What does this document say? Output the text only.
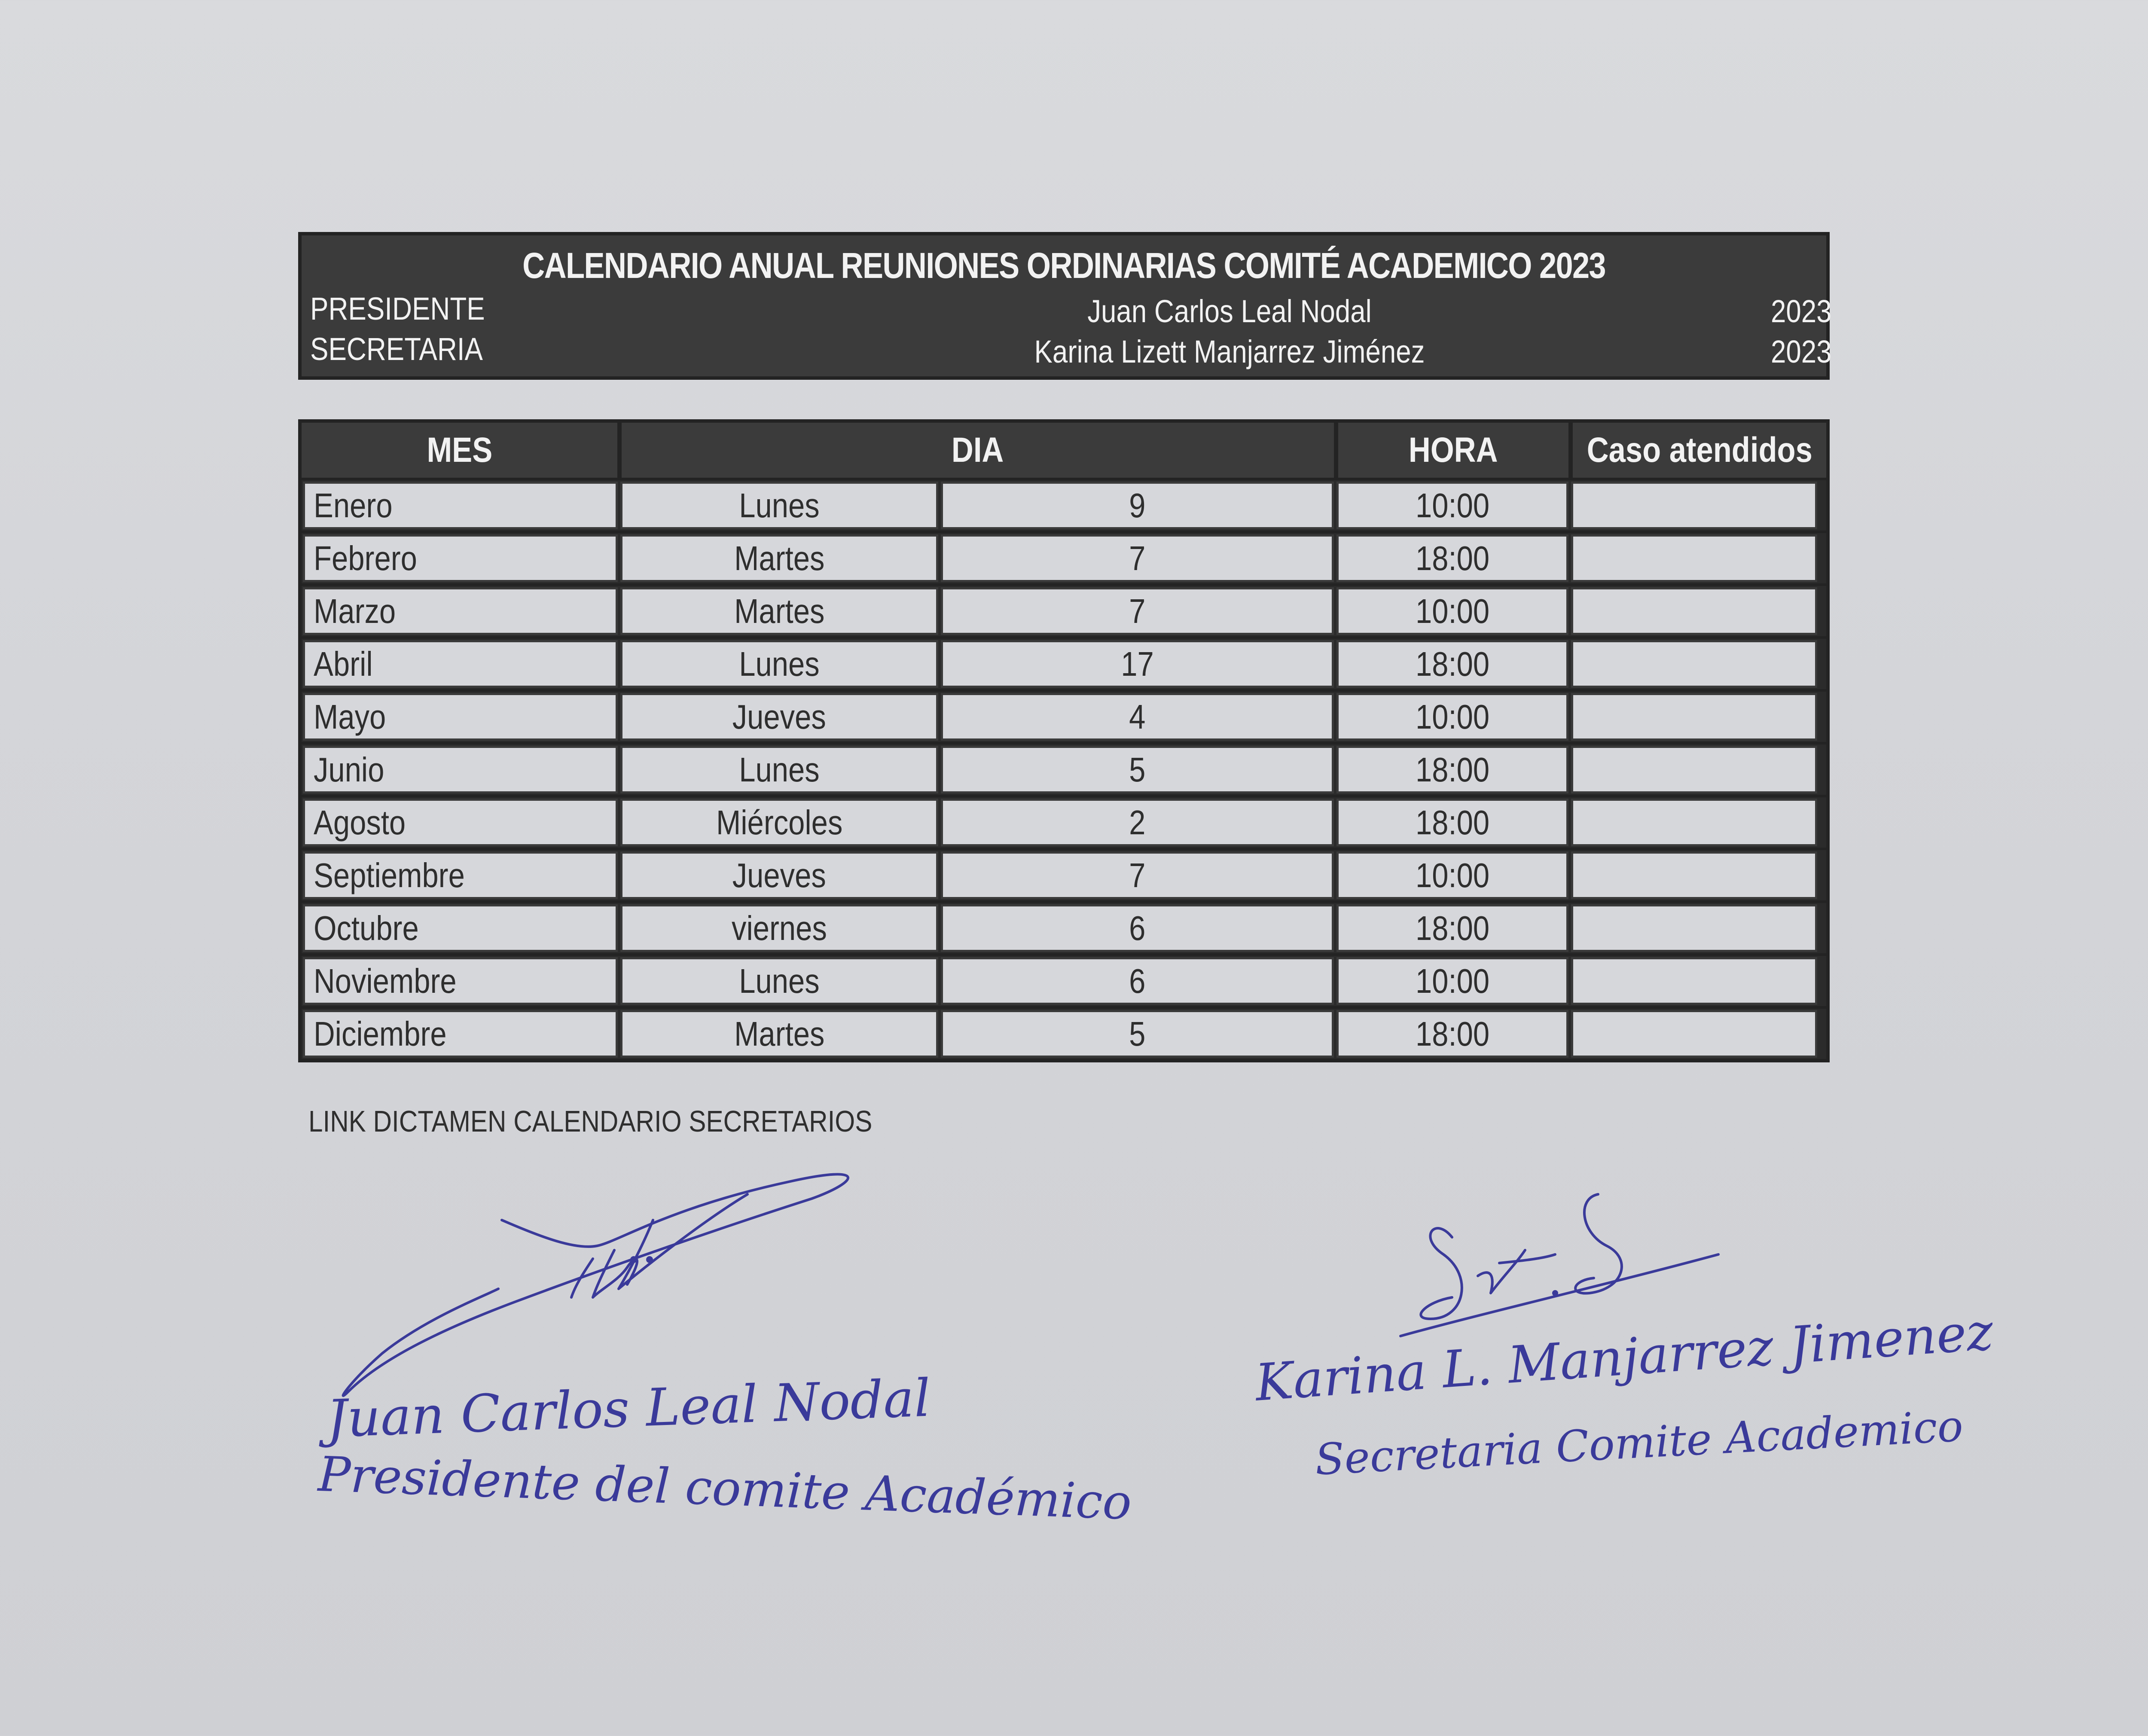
CALENDARIO ANUAL REUNIONES ORDINARIAS COMITÉ ACADEMICO 2023
PRESIDENTE	Juan Carlos Leal Nodal	2023
SECRETARIA	Karina Lizett Manjarrez Jiménez	2023
MES	DIA	HORA	Caso atendidos
Enero	Lunes	9	10:00
Febrero	Martes	7	18:00
Marzo	Martes	7	10:00
Abril	Lunes	17	18:00
Mayo	Jueves	4	10:00
Junio	Lunes	5	18:00
Agosto	Miércoles	2	18:00
Septiembre	Jueves	7	10:00
Octubre	viernes	6	18:00
Noviembre	Lunes	6	10:00
Diciembre	Martes	5	18:00
LINK DICTAMEN CALENDARIO SECRETARIOS
Juan Carlos Leal Nodal
Presidente del comite Académico
Karina L. Manjarrez Jimenez
Secretaria Comite Academico
